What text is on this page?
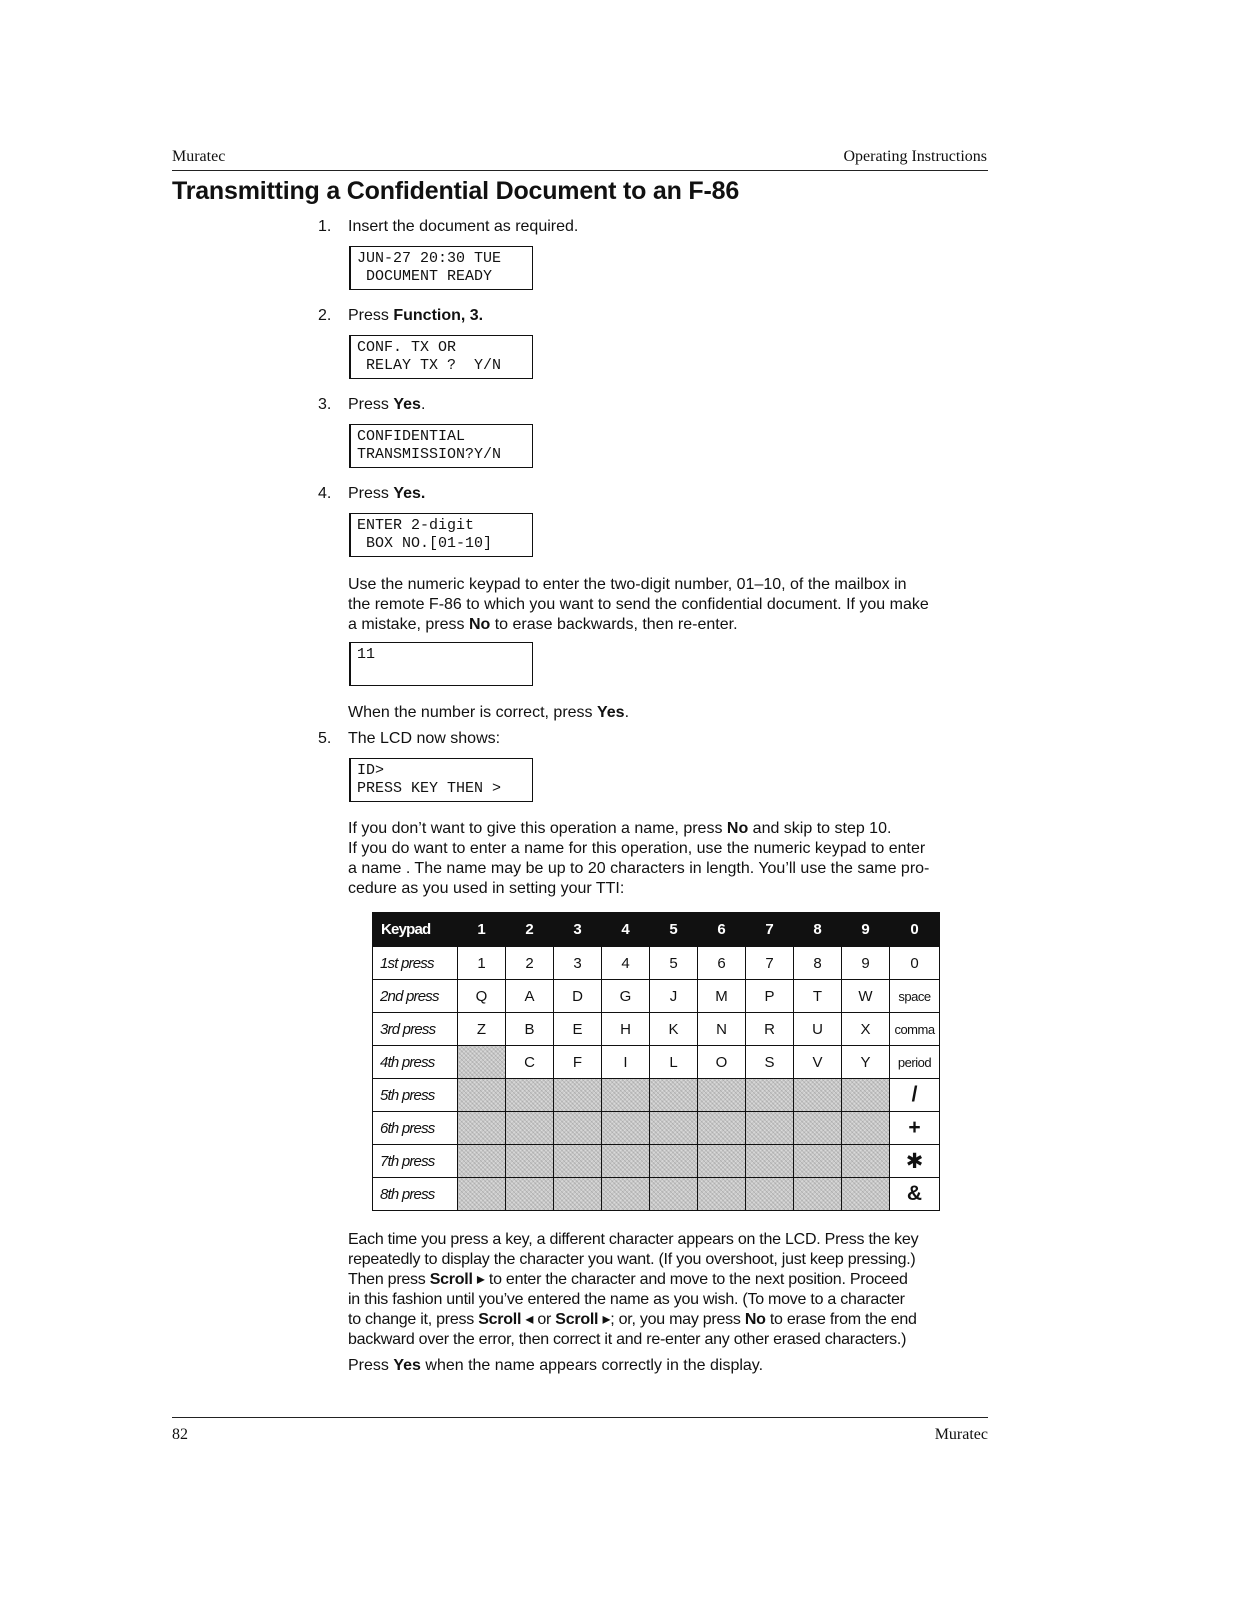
Muratec	Operating Instructions
Transmitting a Confidential Document to an F-86
1. Insert the document as required.
JUN-27 20:30 TUE
DOCUMENT READY
2. Press Function, 3.
CONF. TX OR
RELAY TX ?  Y/N
3. Press Yes.
CONFIDENTIAL
TRANSMISSION?Y/N
4. Press Yes.
ENTER 2-digit
BOX NO.[01-10]
Use the numeric keypad to enter the two-digit number, 01–10, of the mailbox in
the remote F-86 to which you want to send the confidential document. If you make
a mistake, press No to erase backwards, then re-enter.
11

When the number is correct, press Yes.
5. The LCD now shows:
ID>
PRESS KEY THEN >
If you don’t want to give this operation a name, press No and skip to step 10.
If you do want to enter a name for this operation, use the numeric keypad to enter
a name . The name may be up to 20 characters in length. You’ll use the same pro-
cedure as you used in setting your TTI:
Keypad	1	2	3	4	5	6	7	8	9	0
1st press	1	2	3	4	5	6	7	8	9	0
2nd press	Q	A	D	G	J	M	P	T	W	space
3rd press	Z	B	E	H	K	N	R	U	X	comma
4th press		C	F	I	L	O	S	V	Y	period
5th press										/
6th press										+
7th press										✱
8th press										&
Each time you press a key, a different character appears on the LCD. Press the key
repeatedly to display the character you want. (If you overshoot, just keep pressing.)
Then press Scroll ▸ to enter the character and move to the next position. Proceed
in this fashion until you’ve entered the name as you wish. (To move to a character
to change it, press Scroll ◂ or Scroll ▸; or, you may press No to erase from the end
backward over the error, then correct it and re-enter any other erased characters.)
Press Yes when the name appears correctly in the display.
82	Muratec
